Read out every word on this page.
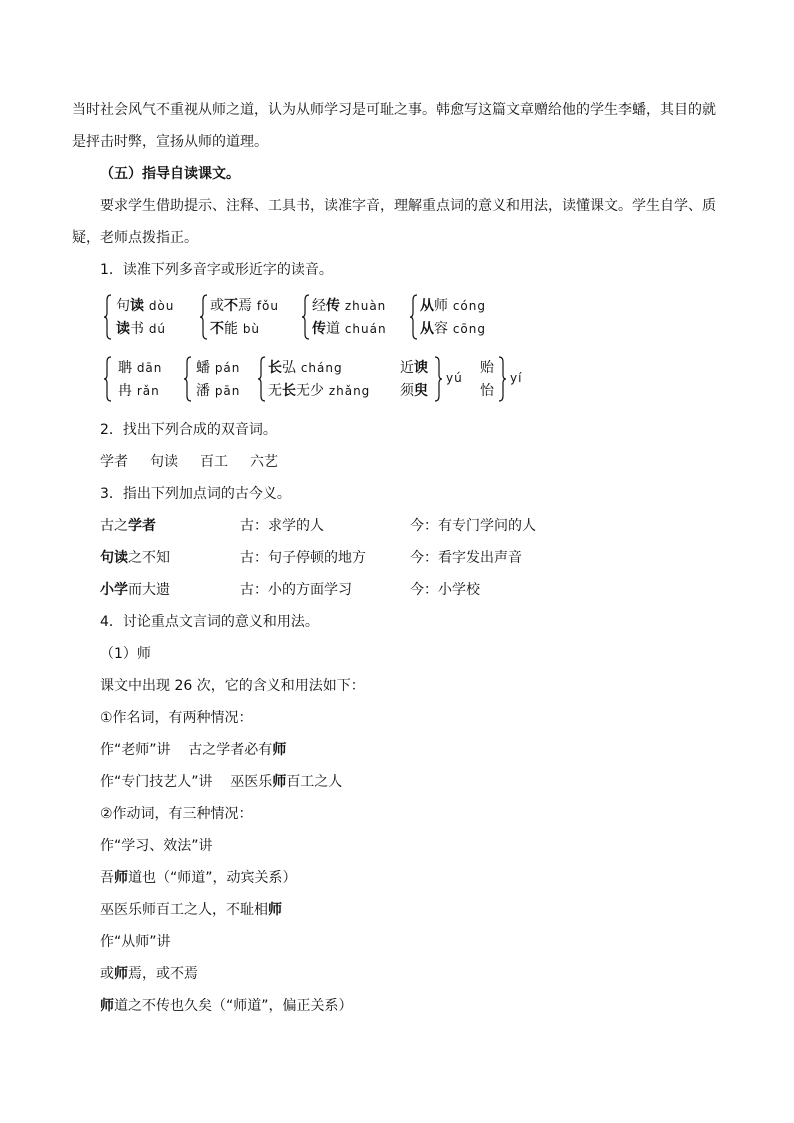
当时社会风气不重视从师之道，认为从师学习是可耻之事。韩愈写这篇文章赠给他的学生李蟠，其目的就
是抨击时弊，宣扬从师的道理。
（五）指导自读课文。
要求学生借助提示、注释、工具书，读准字音，理解重点词的意义和用法，读懂课文。学生自学、质
疑，老师点拨指正。
1．读准下列多音字或形近字的读音。
句读 dòu
读书 dú
或不焉 fǒu
不能 bù
经传 zhuàn
传道 chuán
从师 cóng
从容 cōng
聃 dān
冉 rǎn
蟠 pán
潘 pān
长弘 cháng
无长无少 zhǎng
近谀
须臾
yú
贻
怡
yí
2．找出下列合成的双音词。
学者 句读 百工 六艺
3．指出下列加点词的古今义。
古之学者	古：求学的人	今：有专门学问的人
句读之不知	古：句子停顿的地方	今：看字发出声音
小学而大遗	古：小的方面学习	今：小学校
4．讨论重点文言词的意义和用法。
（1）师
课文中出现 26 次，它的含义和用法如下：
①作名词，有两种情况：
作“老师”讲    古之学者必有师
作“专门技艺人”讲    巫医乐师百工之人
②作动词，有三种情况：
作“学习、效法”讲
吾师道也（“师道”，动宾关系）
巫医乐师百工之人，不耻相师
作“从师”讲
或师焉，或不焉
师道之不传也久矣（“师道”，偏正关系）
